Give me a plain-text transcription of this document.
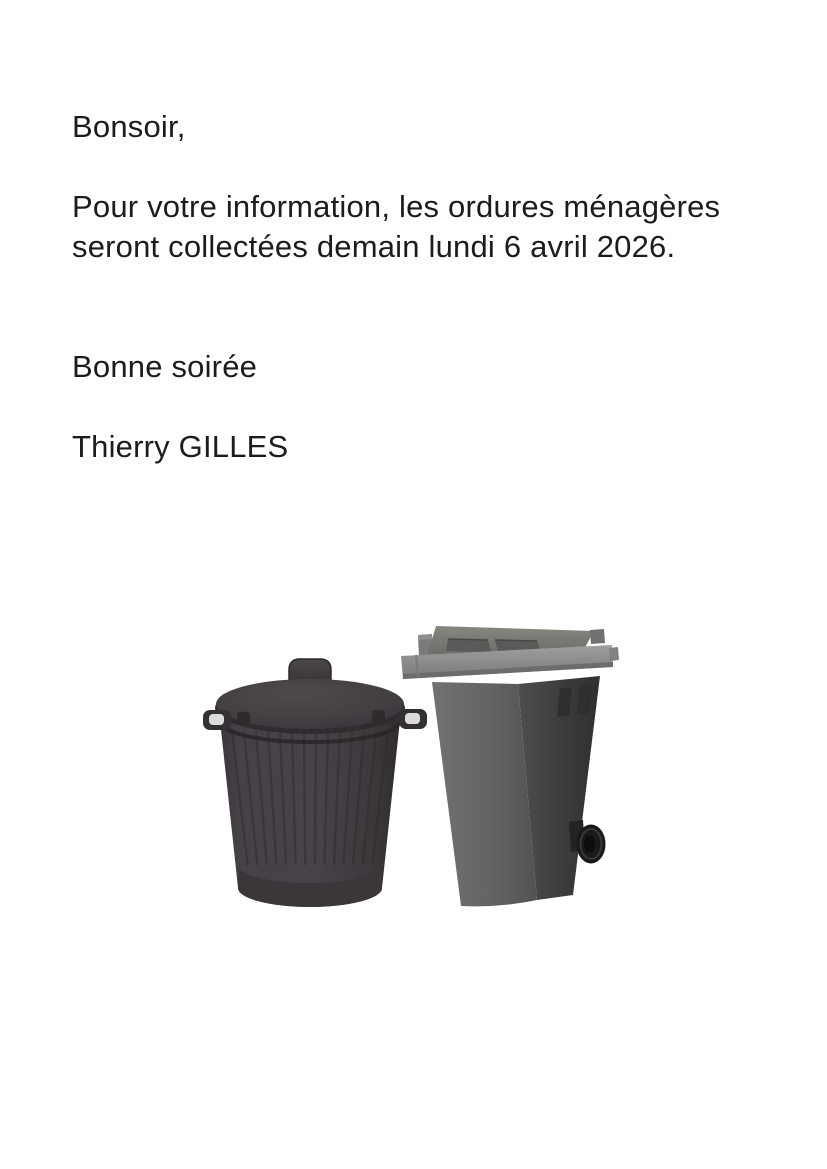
Bonsoir,
Pour votre information, les ordures ménagères
seront collectées demain lundi 6 avril 2026.
Bonne soirée
Thierry GILLES
